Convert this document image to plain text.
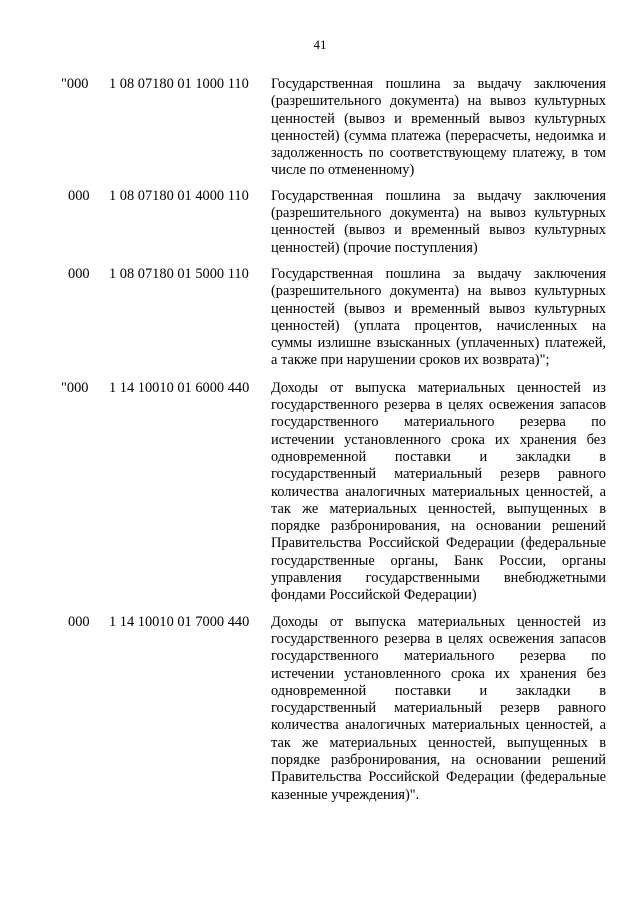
41
"000	1 08 07180 01 1000 110 Государственная пошлина за выдачу заключения (разрешительного документа) на вывоз культурных ценностей (вывоз и временный вывоз культурных ценностей) (сумма платежа (перерасчеты, недоимка и задолженность по соответствующему платежу, в том числе по отмененному)
000	1 08 07180 01 4000 110 Государственная пошлина за выдачу заключения (разрешительного документа) на вывоз культурных ценностей (вывоз и временный вывоз культурных ценностей) (прочие поступления)
000	1 08 07180 01 5000 110 Государственная пошлина за выдачу заключения (разрешительного документа) на вывоз культурных ценностей (вывоз и временный вывоз культурных ценностей) (уплата процентов, начисленных на суммы излишне взысканных (уплаченных) платежей, а также при нарушении сроков их возврата)";
"000	1 14 10010 01 6000 440 Доходы от выпуска материальных ценностей из государственного резерва в целях освежения запасов государственного материального резерва по истечении установленного срока их хранения без одновременной поставки и закладки в государственный материальный резерв равного количества аналогичных материальных ценностей, а так же материальных ценностей, выпущенных в порядке разбронирования, на основании решений Правительства Российской Федерации (федеральные государственные органы, Банк России, органы управления государственными внебюджетными фондами Российской Федерации)
000	1 14 10010 01 7000 440 Доходы от выпуска материальных ценностей из государственного резерва в целях освежения запасов государственного материального резерва по истечении установленного срока их хранения без одновременной поставки и закладки в государственный материальный резерв равного количества аналогичных материальных ценностей, а так же материальных ценностей, выпущенных в порядке разбронирования, на основании решений Правительства Российской Федерации (федеральные казенные учреждения)".
